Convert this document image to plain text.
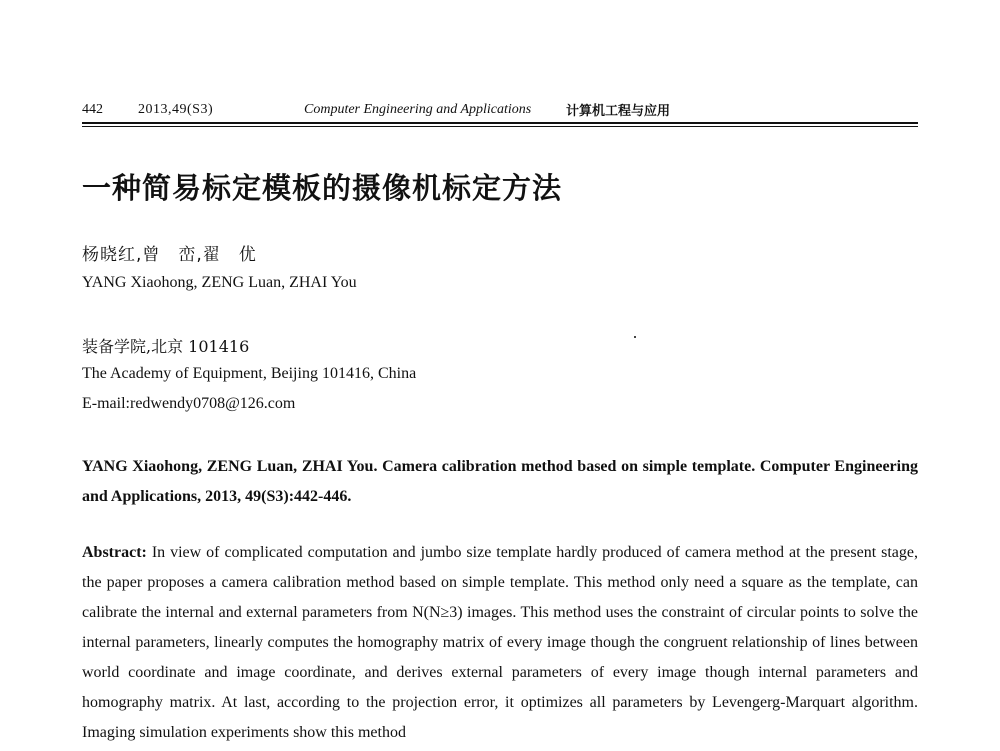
442	2013,49(S3)	Computer Engineering and Applications	计算机工程与应用
一种简易标定模板的摄像机标定方法
杨晓红,曾　峦,翟　优
YANG Xiaohong, ZENG Luan, ZHAI You
装备学院,北京 101416
The Academy of Equipment, Beijing 101416, China
E-mail:redwendy0708@126.com
YANG Xiaohong, ZENG Luan, ZHAI You. Camera calibration method based on simple template. Computer Engineering and Applications, 2013, 49(S3):442-446.
Abstract: In view of complicated computation and jumbo size template hardly produced of camera method at the present stage, the paper proposes a camera calibration method based on simple template. This method only need a square as the template, can calibrate the internal and external parameters from N(N≥3) images. This method uses the constraint of circular points to solve the internal parameters, linearly computes the homography matrix of every image though the congruent relationship of lines between world coordinate and image coordinate, and derives external parameters of every image though internal parameters and homography matrix. At last, according to the projection error, it optimizes all parameters by Levengerg-Marquart algorithm. Imaging simulation experiments show this method
